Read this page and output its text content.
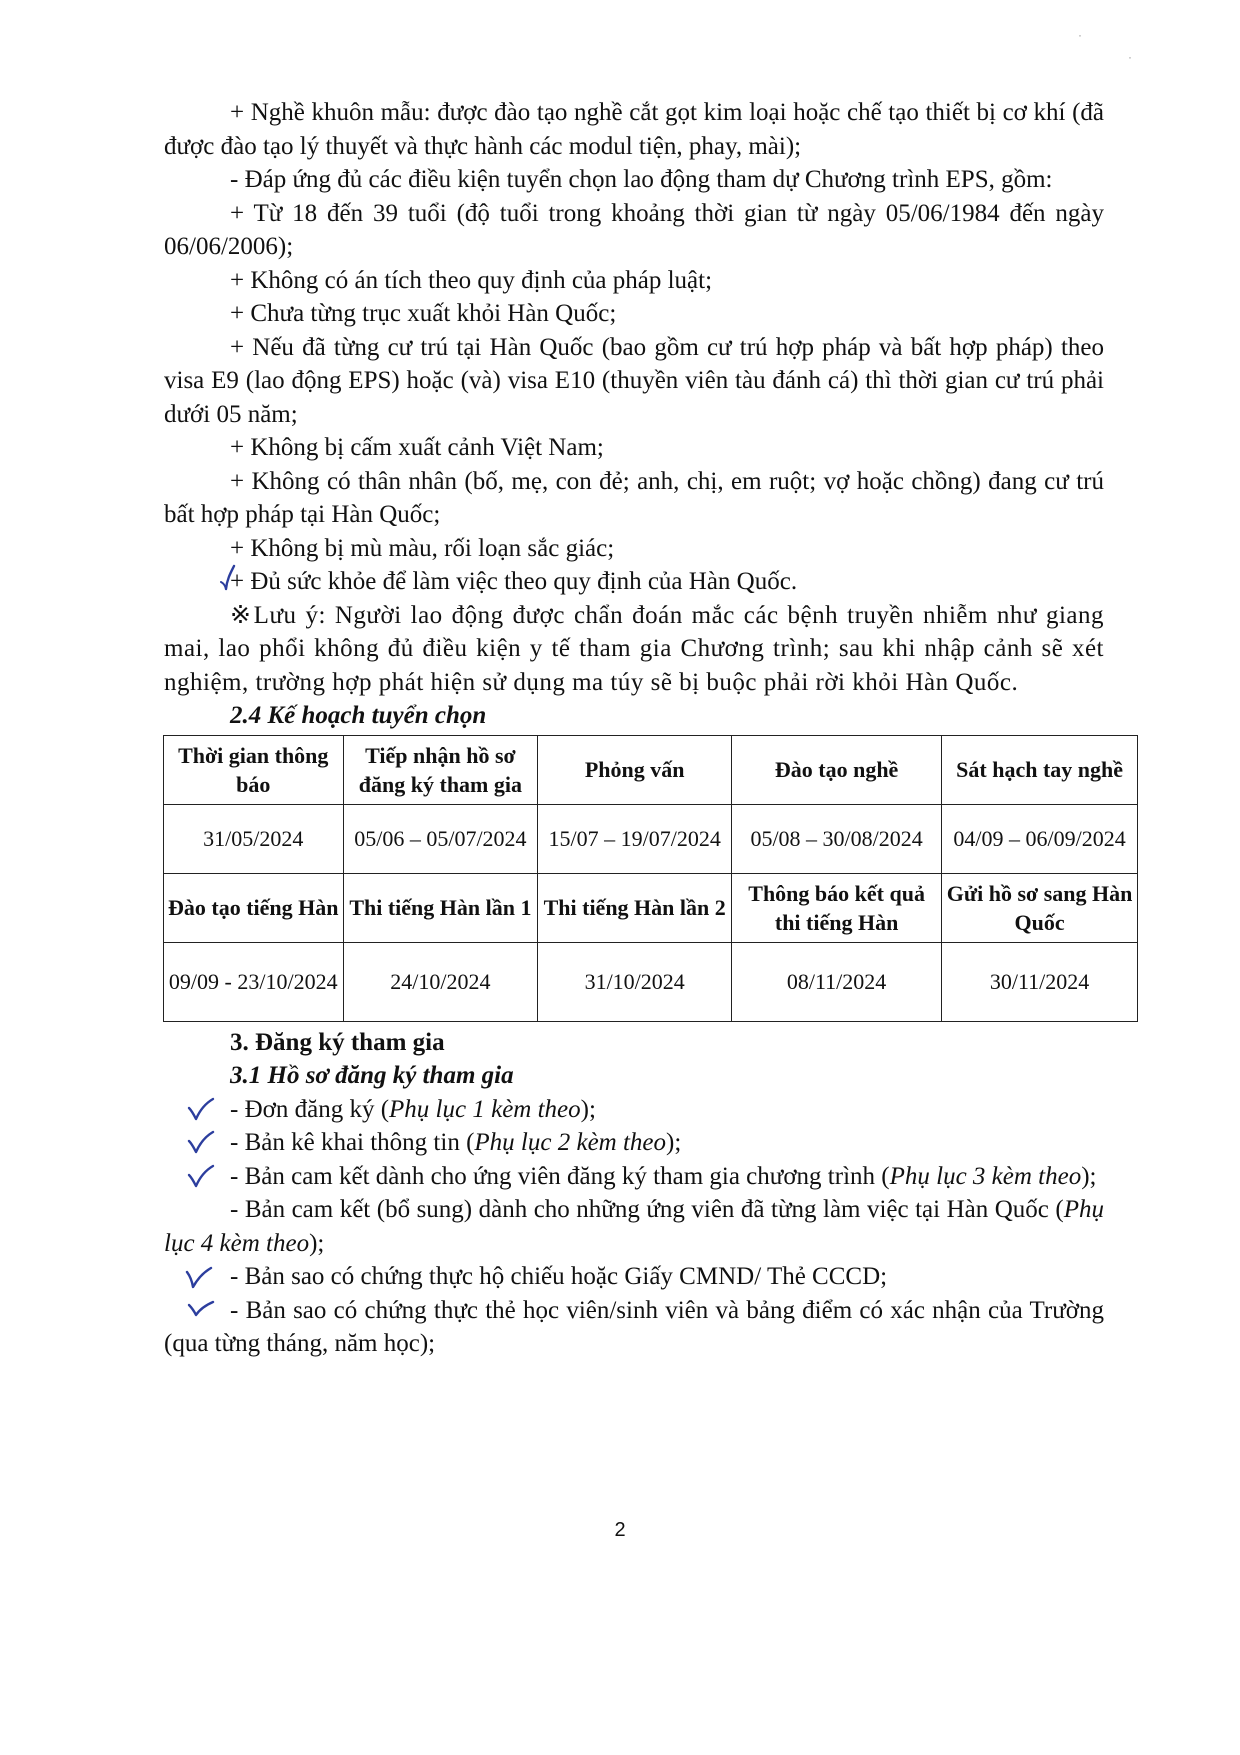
+ Nghề khuôn mẫu: được đào tạo nghề cắt gọt kim loại hoặc chế tạo thiết bị cơ khí (đã được đào tạo lý thuyết và thực hành các modul tiện, phay, mài);

- Đáp ứng đủ các điều kiện tuyển chọn lao động tham dự Chương trình EPS, gồm:

+ Từ 18 đến 39 tuổi (độ tuổi trong khoảng thời gian từ ngày 05/06/1984 đến ngày 06/06/2006);

+ Không có án tích theo quy định của pháp luật;

+ Chưa từng trục xuất khỏi Hàn Quốc;

+ Nếu đã từng cư trú tại Hàn Quốc (bao gồm cư trú hợp pháp và bất hợp pháp) theo visa E9 (lao động EPS) hoặc (và) visa E10 (thuyền viên tàu đánh cá) thì thời gian cư trú phải dưới 05 năm;

+ Không bị cấm xuất cảnh Việt Nam;

+ Không có thân nhân (bố, mẹ, con đẻ; anh, chị, em ruột; vợ hoặc chồng) đang cư trú bất hợp pháp tại Hàn Quốc;

+ Không bị mù màu, rối loạn sắc giác;

+ Đủ sức khỏe để làm việc theo quy định của Hàn Quốc.

※Lưu ý: Người lao động được chẩn đoán mắc các bệnh truyền nhiễm như giang mai, lao phổi không đủ điều kiện y tế tham gia Chương trình; sau khi nhập cảnh sẽ xét nghiệm, trường hợp phát hiện sử dụng ma túy sẽ bị buộc phải rời khỏi Hàn Quốc.

2.4 Kế hoạch tuyển chọn

Thời gian thông báo	Tiếp nhận hồ sơ đăng ký tham gia	Phỏng vấn	Đào tạo nghề	Sát hạch tay nghề
31/05/2024	05/06 – 05/07/2024	15/07 – 19/07/2024	05/08 – 30/08/2024	04/09 – 06/09/2024
Đào tạo tiếng Hàn	Thi tiếng Hàn lần 1	Thi tiếng Hàn lần 2	Thông báo kết quả thi tiếng Hàn	Gửi hồ sơ sang Hàn Quốc
09/09 - 23/10/2024	24/10/2024	31/10/2024	08/11/2024	30/11/2024

3. Đăng ký tham gia

3.1 Hồ sơ đăng ký tham gia

- Đơn đăng ký (Phụ lục 1 kèm theo);

- Bản kê khai thông tin (Phụ lục 2 kèm theo);

- Bản cam kết dành cho ứng viên đăng ký tham gia chương trình (Phụ lục 3 kèm theo);

- Bản cam kết (bổ sung) dành cho những ứng viên đã từng làm việc tại Hàn Quốc (Phụ lục 4 kèm theo);

- Bản sao có chứng thực hộ chiếu hoặc Giấy CMND/ Thẻ CCCD;

- Bản sao có chứng thực thẻ học viên/sinh viên và bảng điểm có xác nhận của Trường (qua từng tháng, năm học);

2
·
·
